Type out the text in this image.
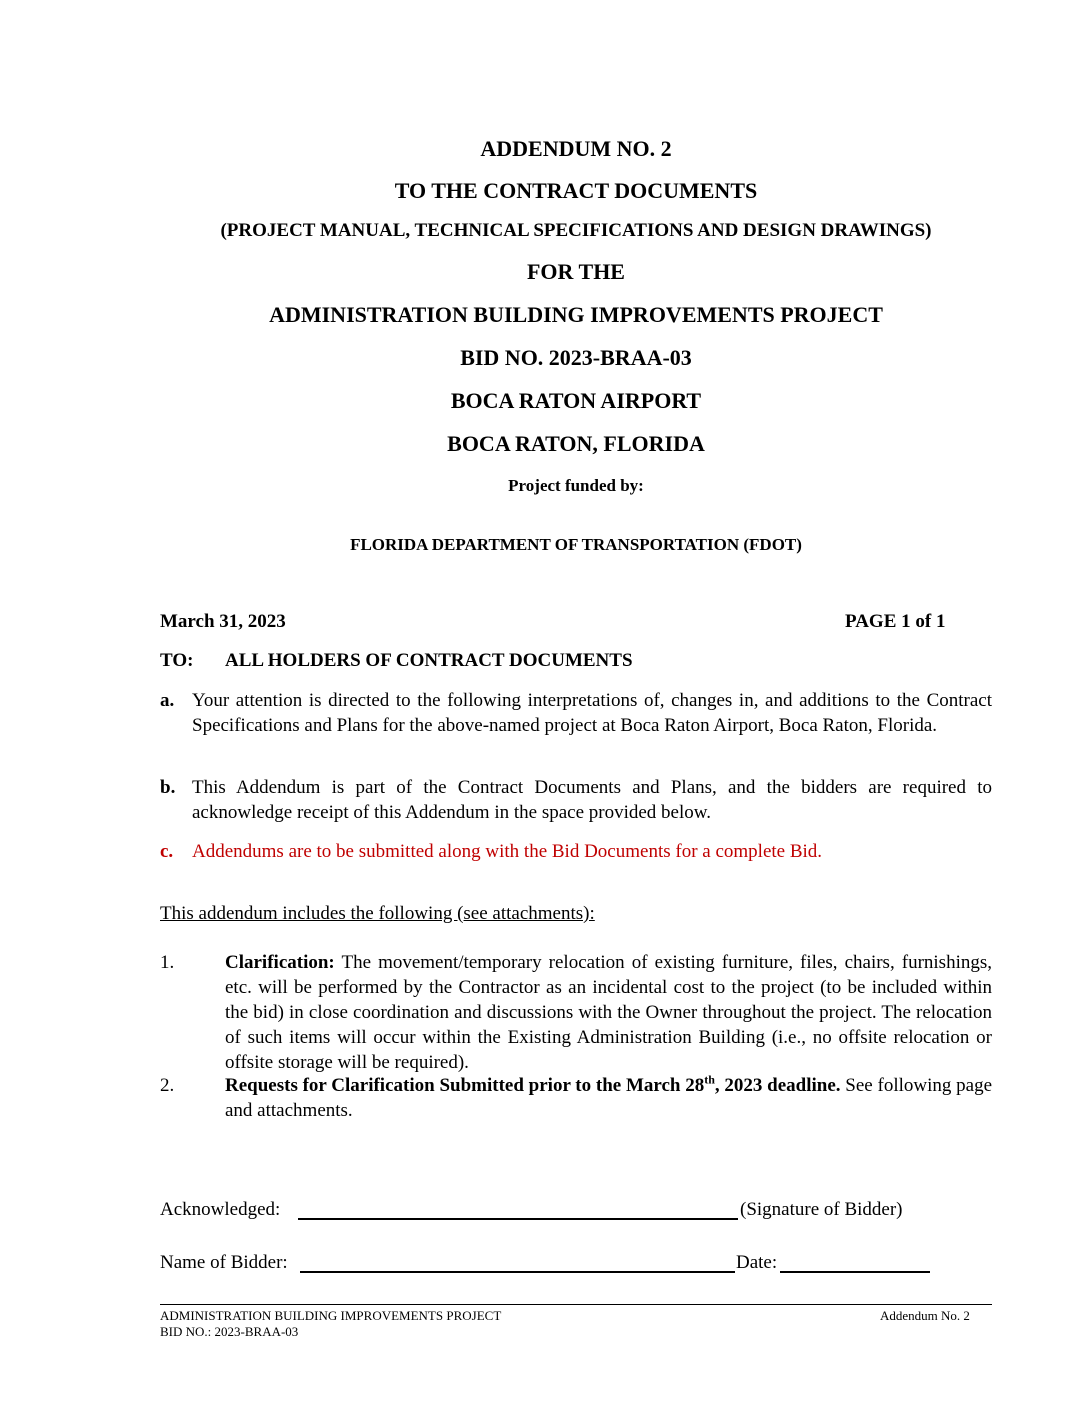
ADDENDUM NO. 2
TO THE CONTRACT DOCUMENTS
(PROJECT MANUAL, TECHNICAL SPECIFICATIONS AND DESIGN DRAWINGS)
FOR THE
ADMINISTRATION BUILDING IMPROVEMENTS PROJECT
BID NO. 2023-BRAA-03
BOCA RATON AIRPORT
BOCA RATON, FLORIDA
Project funded by:
FLORIDA DEPARTMENT OF TRANSPORTATION (FDOT)
March 31, 2023	PAGE 1 of 1
TO: ALL HOLDERS OF CONTRACT DOCUMENTS
a. Your attention is directed to the following interpretations of, changes in, and additions to the Contract Specifications and Plans for the above-named project at Boca Raton Airport, Boca Raton, Florida.
b. This Addendum is part of the Contract Documents and Plans, and the bidders are required to acknowledge receipt of this Addendum in the space provided below.
c. Addendums are to be submitted along with the Bid Documents for a complete Bid.
This addendum includes the following (see attachments):
1.	Clarification: The movement/temporary relocation of existing furniture, files, chairs, furnishings, etc. will be performed by the Contractor as an incidental cost to the project (to be included within the bid) in close coordination and discussions with the Owner throughout the project. The relocation of such items will occur within the Existing Administration Building (i.e., no offsite relocation or offsite storage will be required).
2.	Requests for Clarification Submitted prior to the March 28th, 2023 deadline. See following page and attachments.
Acknowledged:	(Signature of Bidder)
Name of Bidder:	Date:
ADMINISTRATION BUILDING IMPROVEMENTS PROJECT
BID NO.: 2023-BRAA-03
Addendum No. 2
